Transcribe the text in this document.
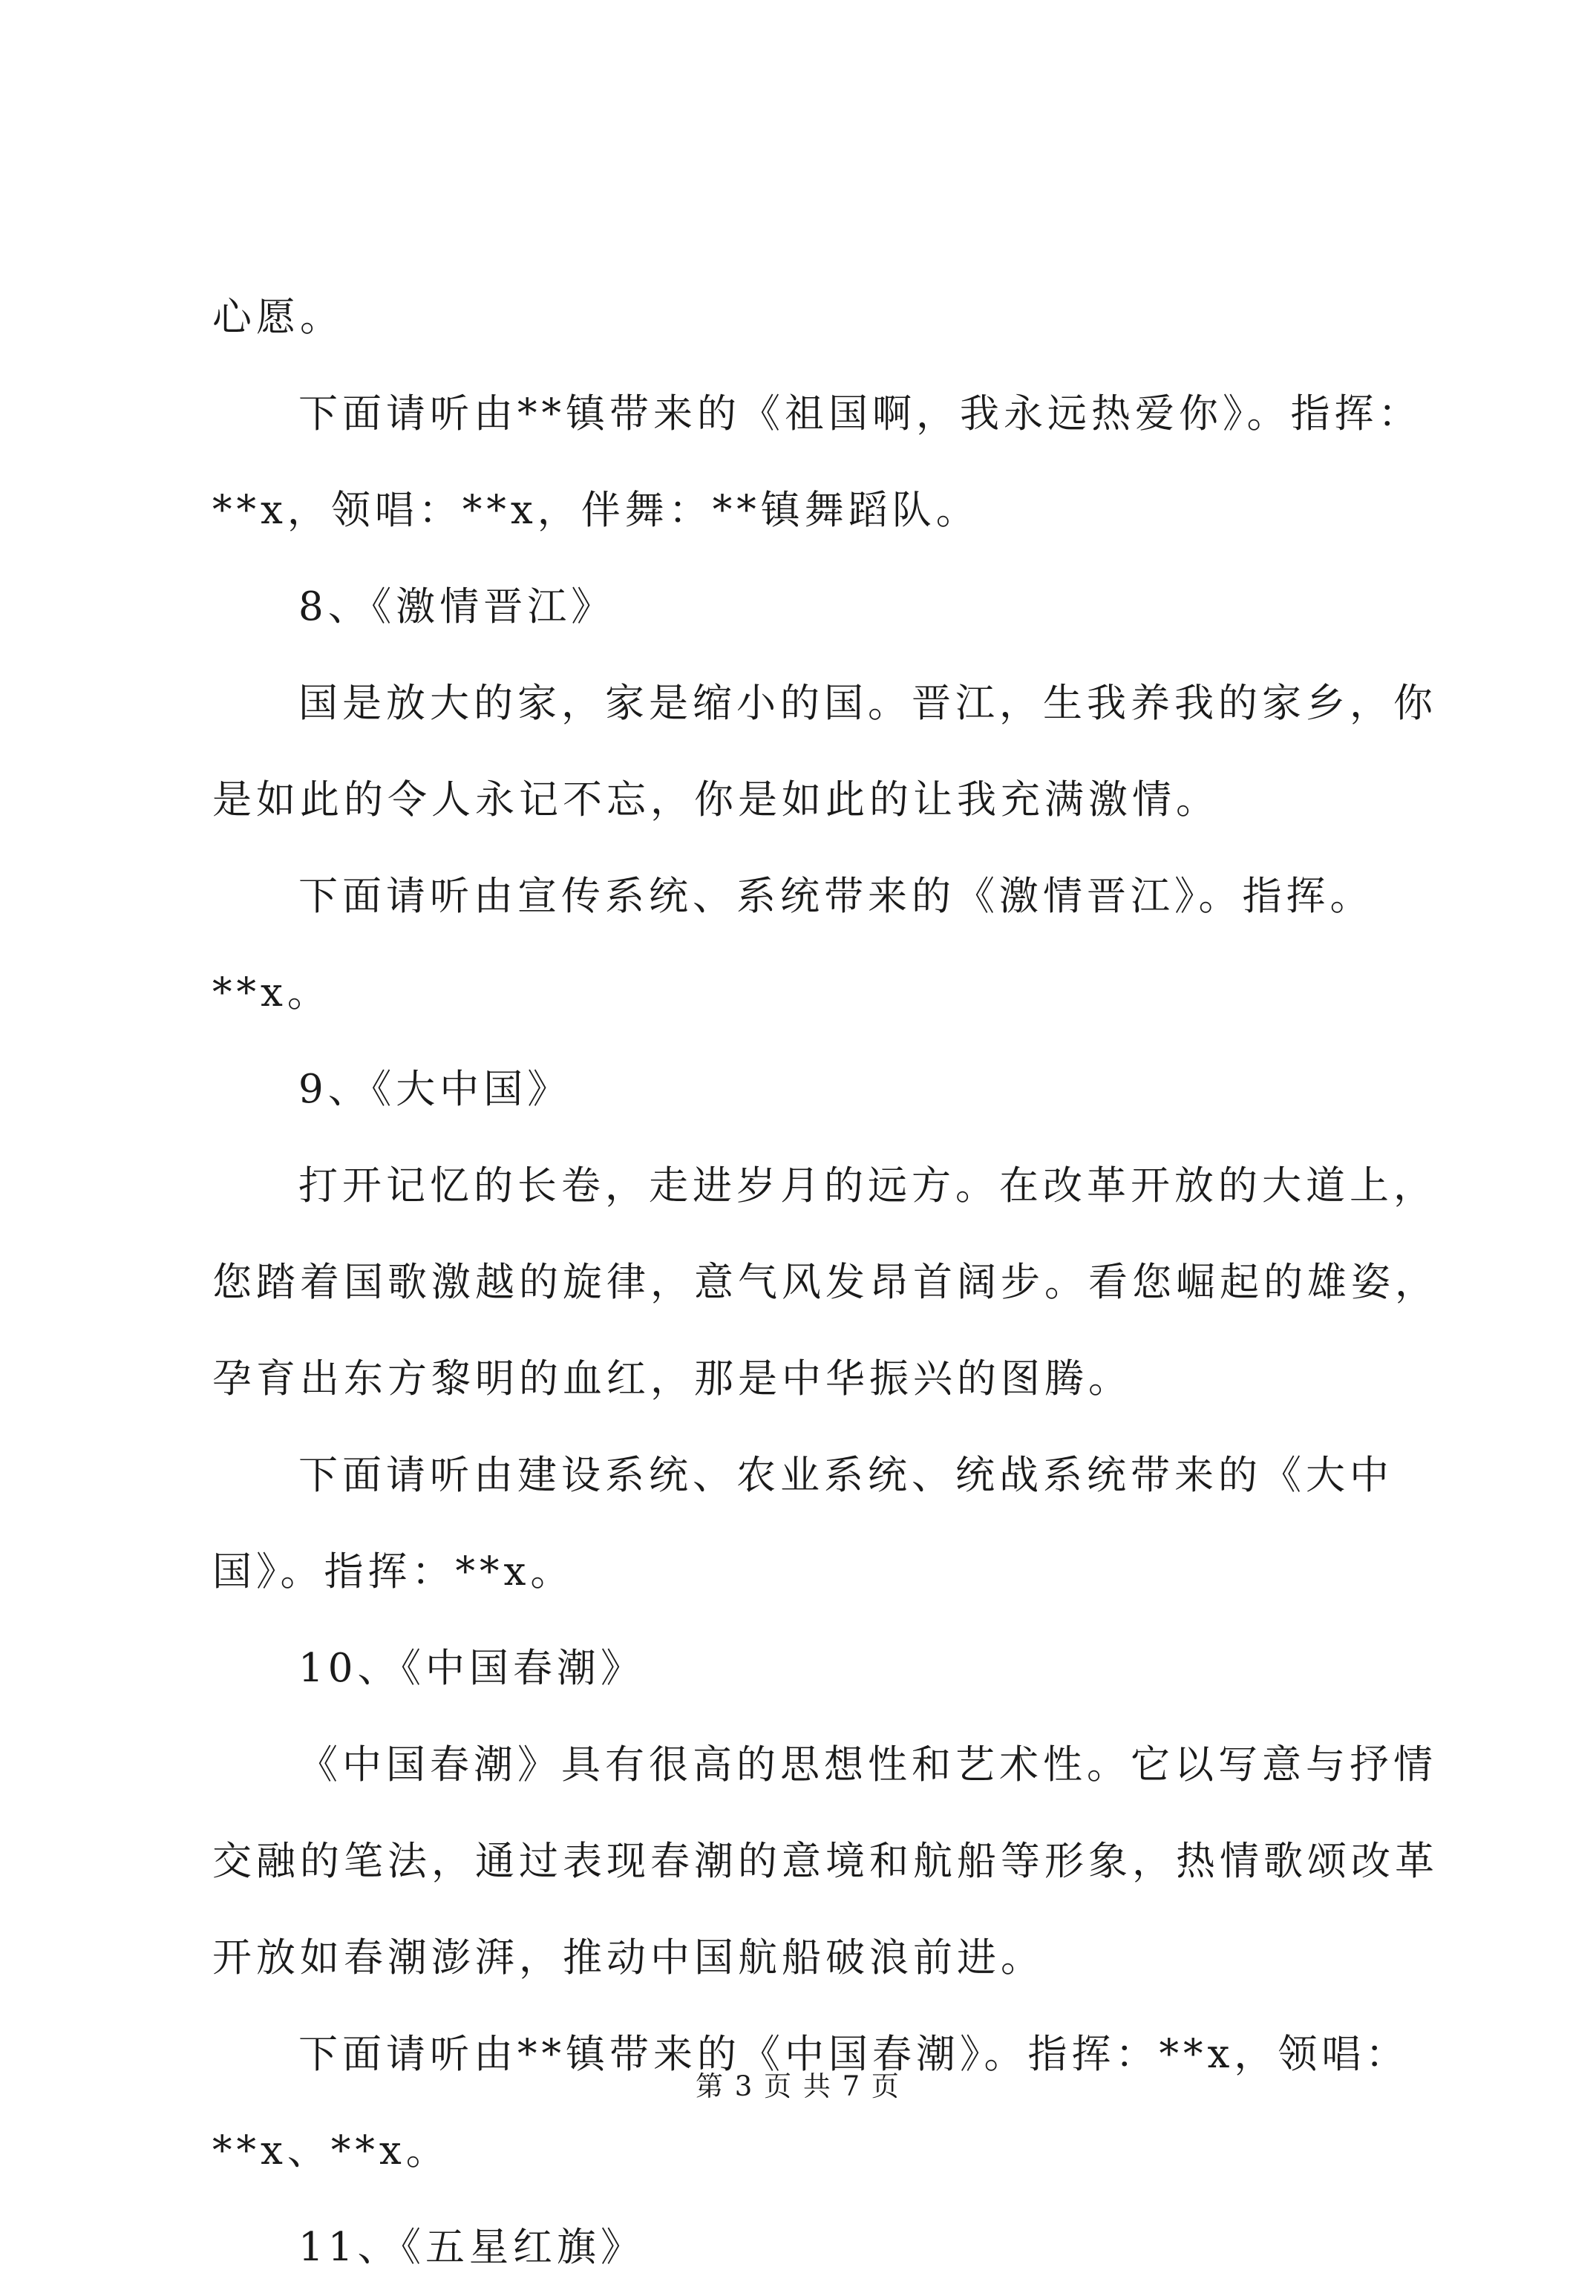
心愿。
下面请听由**镇带来的《祖国啊，我永远热爱你》。指挥：
**x，领唱：**x，伴舞：**镇舞蹈队。
8、《激情晋江》
国是放大的家，家是缩小的国。晋江，生我养我的家乡，你
是如此的令人永记不忘，你是如此的让我充满激情。
下面请听由宣传系统、系统带来的《激情晋江》。指挥。
**x。
9、《大中国》
打开记忆的长卷，走进岁月的远方。在改革开放的大道上，
您踏着国歌激越的旋律，意气风发昂首阔步。看您崛起的雄姿，
孕育出东方黎明的血红，那是中华振兴的图腾。
下面请听由建设系统、农业系统、统战系统带来的《大中
国》。指挥：**x。
10、《中国春潮》
《中国春潮》具有很高的思想性和艺术性。它以写意与抒情
交融的笔法，通过表现春潮的意境和航船等形象，热情歌颂改革
开放如春潮澎湃，推动中国航船破浪前进。
下面请听由**镇带来的《中国春潮》。指挥：**x，领唱：
**x、**x。
11、《五星红旗》
第 3 页 共 7 页
